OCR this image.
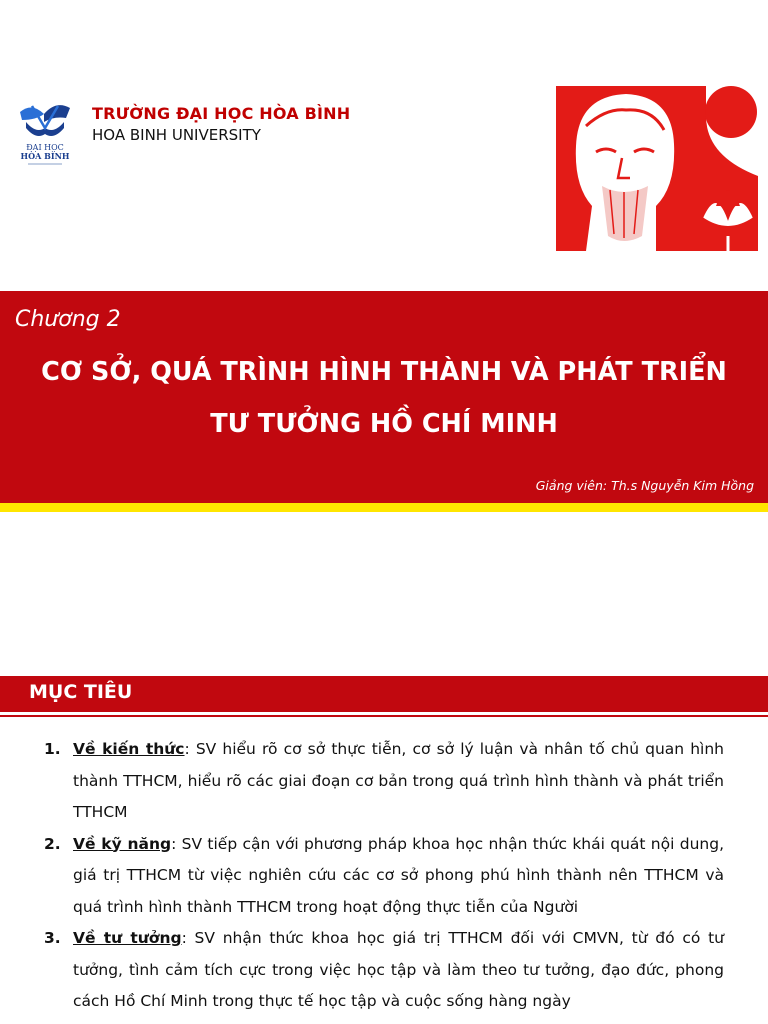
ĐẠI HỌC
HÒA BÌNH
TRƯỜNG ĐẠI HỌC HÒA BÌNH
HOA BINH UNIVERSITY
Chương 2
CƠ SỞ, QUÁ TRÌNH HÌNH THÀNH VÀ PHÁT TRIỂN
TƯ TƯỞNG HỒ CHÍ MINH
Giảng viên: Th.s Nguyễn Kim Hồng
MỤC TIÊU
1. Về kiến thức: SV hiểu rõ cơ sở thực tiễn, cơ sở lý luận và nhân tố chủ quan hình thành TTHCM, hiểu rõ các giai đoạn cơ bản trong quá trình hình thành và phát triển TTHCM
2. Về kỹ năng: SV tiếp cận với phương pháp khoa học nhận thức khái quát nội dung, giá trị TTHCM từ việc nghiên cứu các cơ sở phong phú hình thành nên TTHCM và quá trình hình thành TTHCM trong hoạt động thực tiễn của Người
3. Về tư tưởng: SV nhận thức khoa học giá trị TTHCM đối với CMVN, từ đó có tư tưởng, tình cảm tích cực trong việc học tập và làm theo tư tưởng, đạo đức, phong cách Hồ Chí Minh trong thực tế học tập và cuộc sống hàng ngày
